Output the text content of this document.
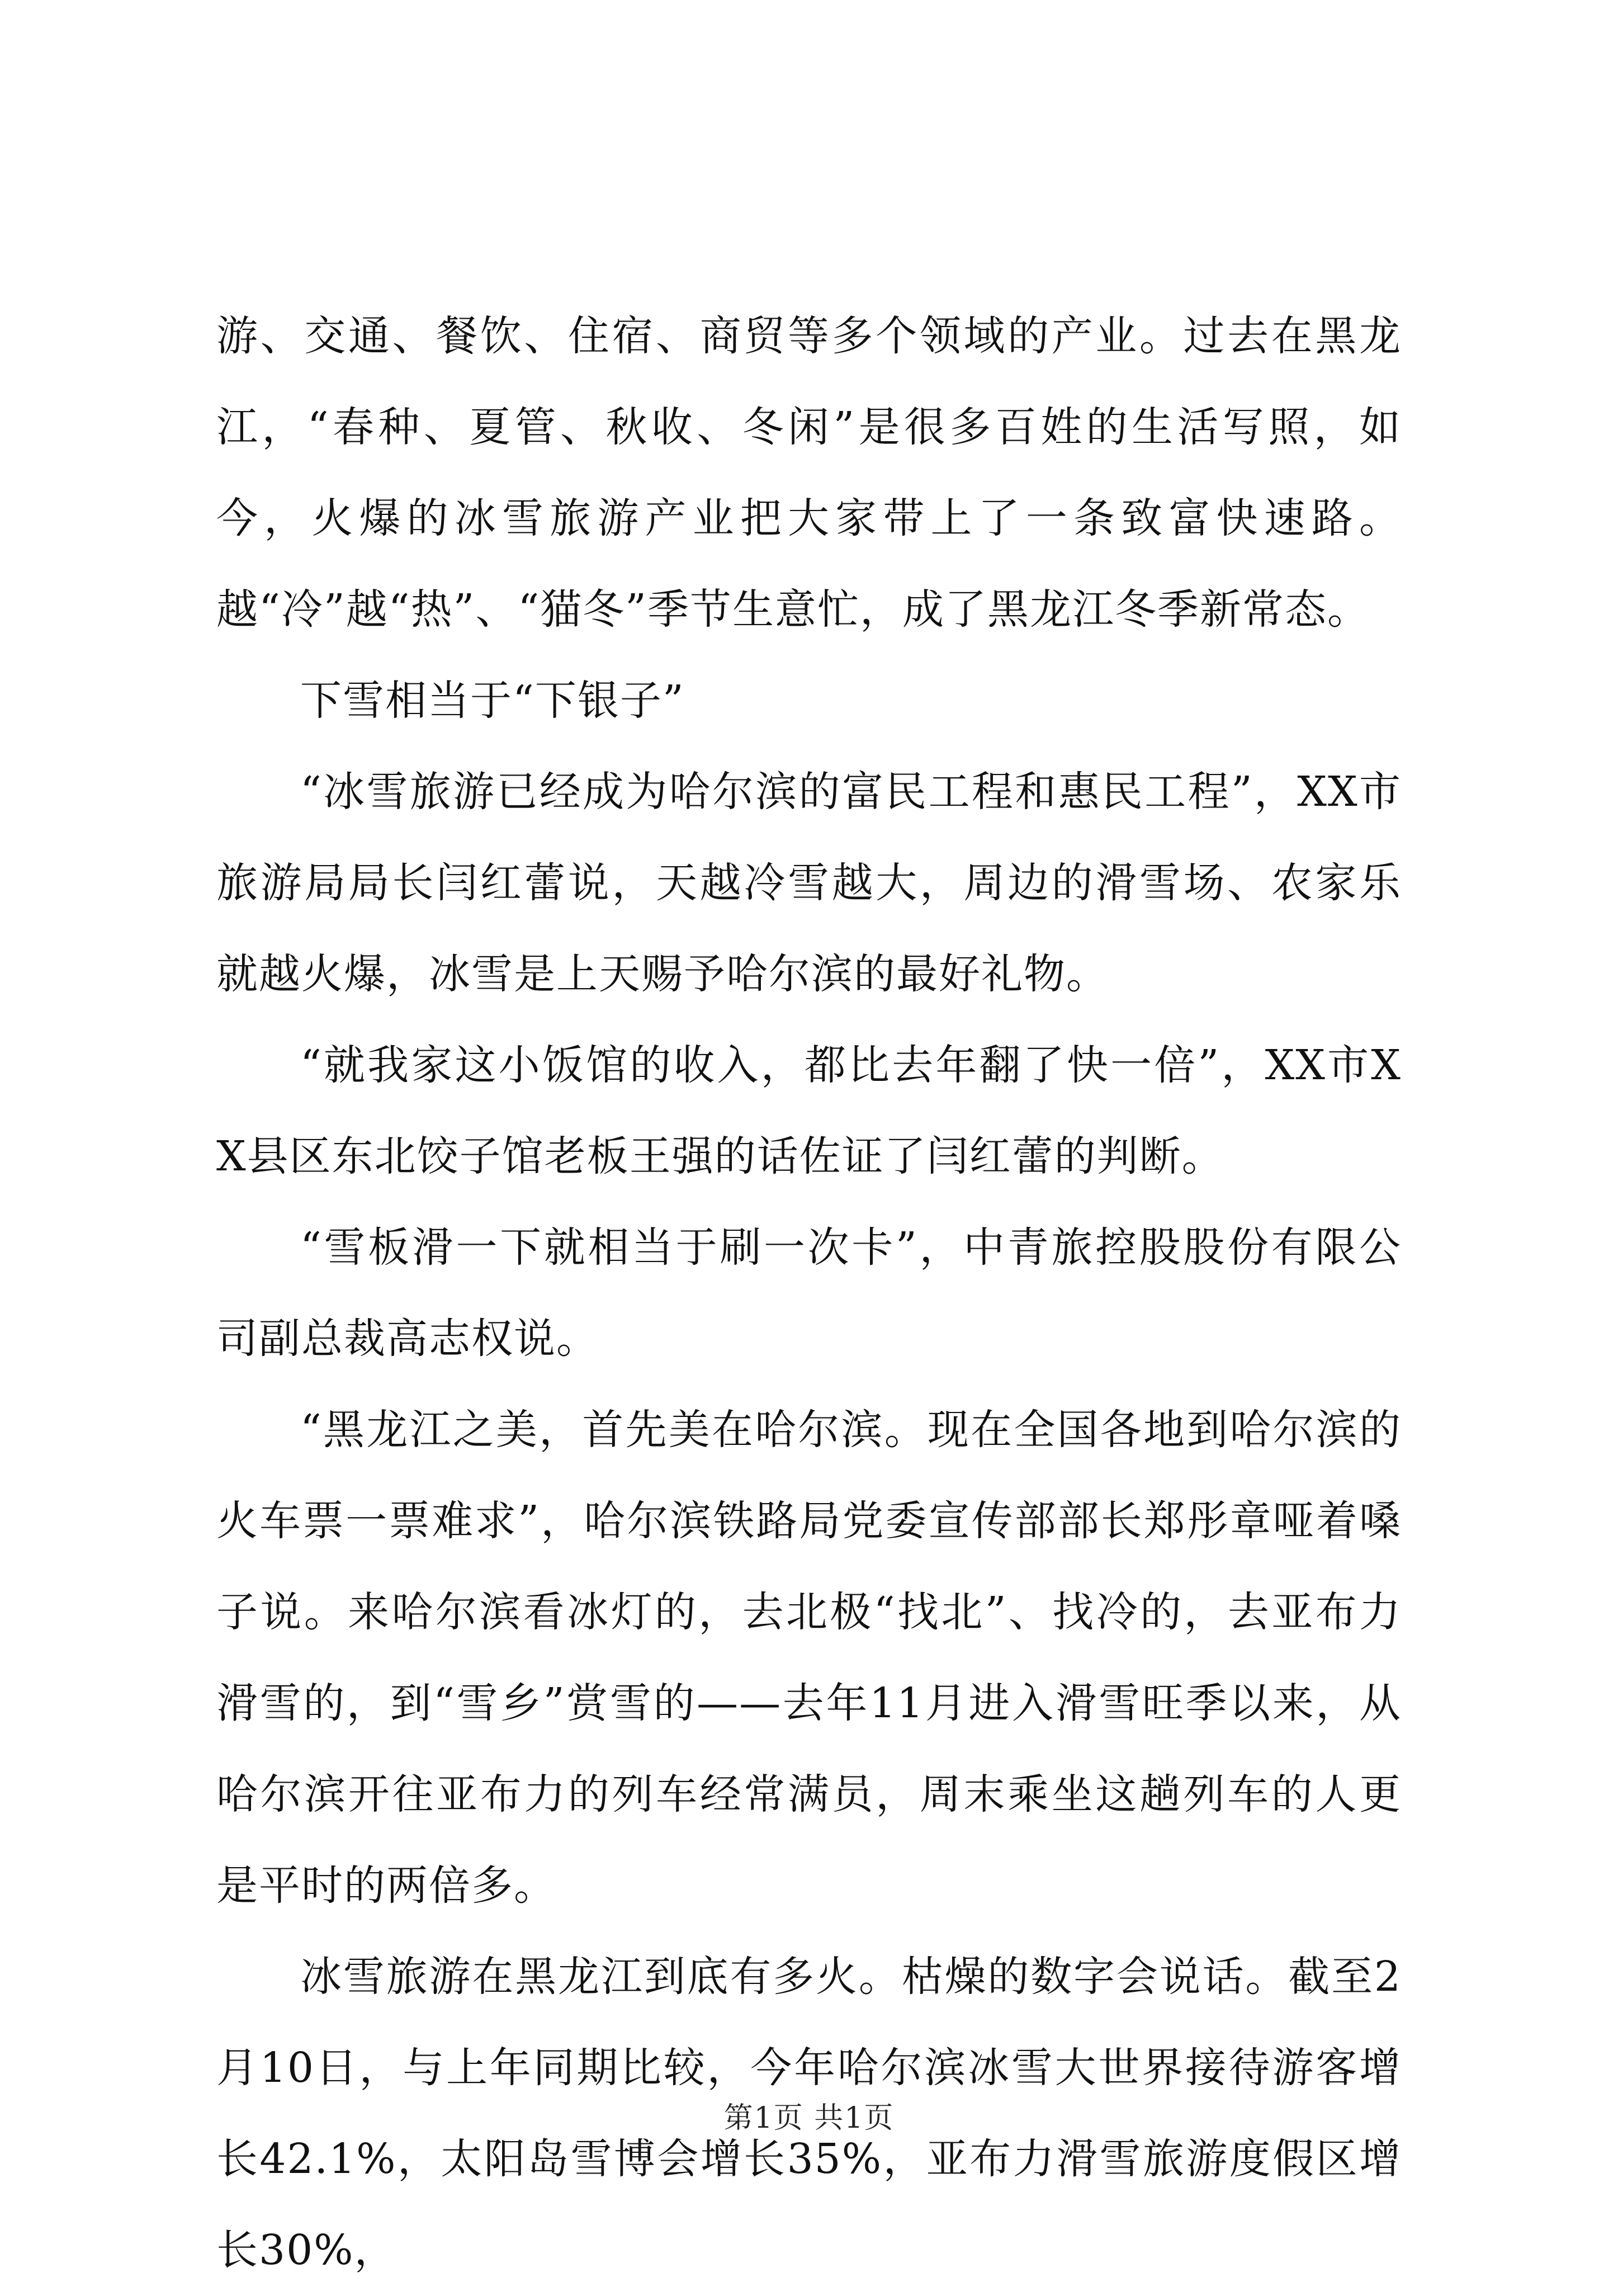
游、交通、餐饮、住宿、商贸等多个领域的产业。过去在黑龙江，“春种、夏管、秋收、冬闲”是很多百姓的生活写照，如今，火爆的冰雪旅游产业把大家带上了一条致富快速路。越“冷”越“热”、“猫冬”季节生意忙，成了黑龙江冬季新常态。

下雪相当于“下银子”

“冰雪旅游已经成为哈尔滨的富民工程和惠民工程”，XX市旅游局局长闫红蕾说，天越冷雪越大，周边的滑雪场、农家乐就越火爆，冰雪是上天赐予哈尔滨的最好礼物。

“就我家这小饭馆的收入，都比去年翻了快一倍”，XX市XX县区东北饺子馆老板王强的话佐证了闫红蕾的判断。

“雪板滑一下就相当于刷一次卡”，中青旅控股股份有限公司副总裁高志权说。

“黑龙江之美，首先美在哈尔滨。现在全国各地到哈尔滨的火车票一票难求”，哈尔滨铁路局党委宣传部部长郑彤章哑着嗓子说。来哈尔滨看冰灯的，去北极“找北”、找冷的，去亚布力滑雪的，到“雪乡”赏雪的——去年11月进入滑雪旺季以来，从哈尔滨开往亚布力的列车经常满员，周末乘坐这趟列车的人更是平时的两倍多。

冰雪旅游在黑龙江到底有多火。枯燥的数字会说话。截至2月10日，与上年同期比较，今年哈尔滨冰雪大世界接待游客增长42.1%，太阳岛雪博会增长35%，亚布力滑雪旅游度假区增长30%，

第1页 共1页
